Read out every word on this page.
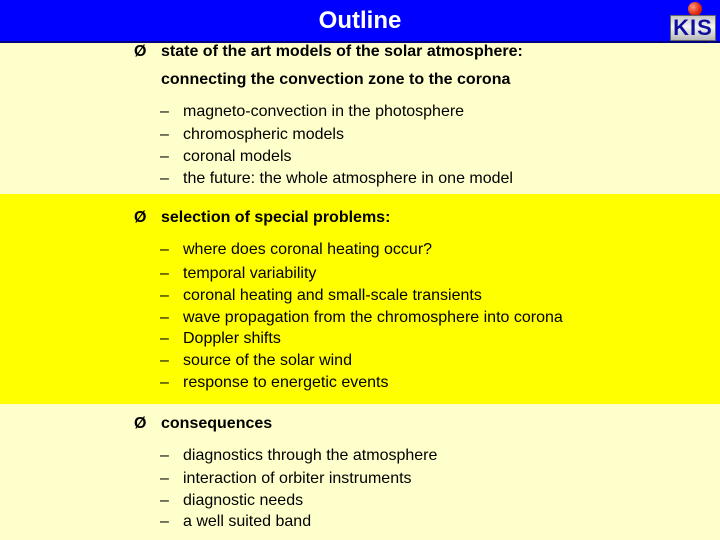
Outline	KIS
Ø state of the art models of the solar atmosphere:
connecting the convection zone to the corona
– magneto-convection in the photosphere
– chromospheric models
– coronal models
– the future: the whole atmosphere in one model
Ø selection of special problems:
– where does coronal heating occur?
– temporal variability
– coronal heating and small-scale transients
– wave propagation from the chromosphere into corona
– Doppler shifts
– source of the solar wind
– response to energetic events
Ø consequences
– diagnostics through the atmosphere
– interaction of orbiter instruments
– diagnostic needs
– a well suited band
